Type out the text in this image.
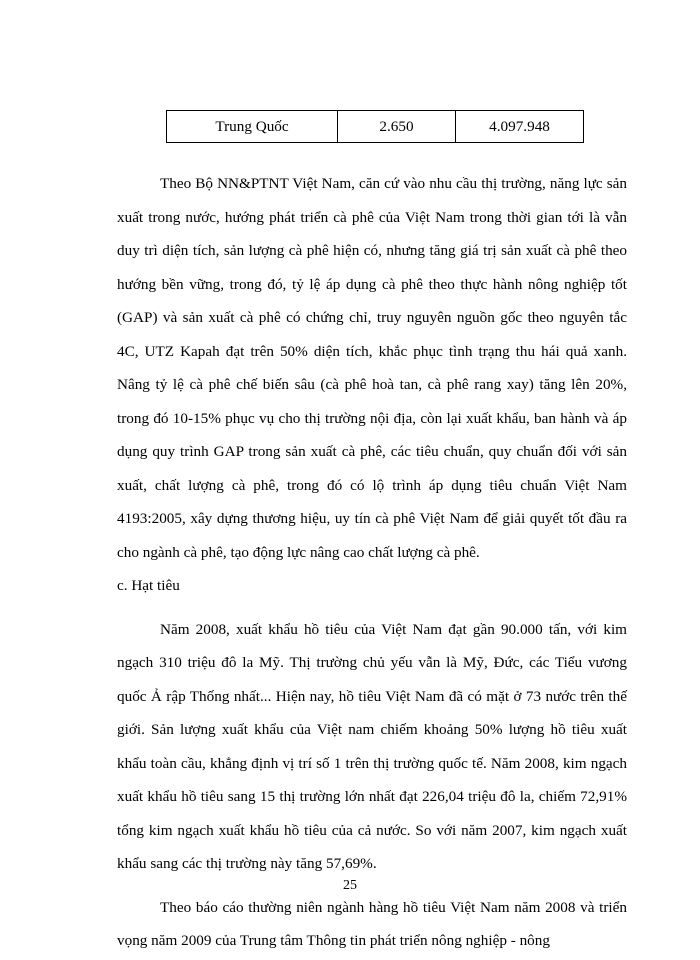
Trung Quốc	2.650	4.097.948

Theo Bộ NN&PTNT Việt Nam, căn cứ vào nhu cầu thị trường, năng lực sản xuất trong nước, hướng phát triển cà phê của Việt Nam trong thời gian tới là vẫn duy trì diện tích, sản lượng cà phê hiện có, nhưng tăng giá trị sản xuất cà phê theo hướng bền vững, trong đó, tỷ lệ áp dụng cà phê theo thực hành nông nghiệp tốt (GAP) và sản xuất cà phê có chứng chỉ, truy nguyên nguồn gốc theo nguyên tắc 4C, UTZ Kapah đạt trên 50% diện tích, khắc phục tình trạng thu hái quả xanh. Nâng tỷ lệ cà phê chế biến sâu (cà phê hoà tan, cà phê rang xay) tăng lên 20%, trong đó 10-15% phục vụ cho thị trường nội địa, còn lại xuất khẩu, ban hành và áp dụng quy trình GAP trong sản xuất cà phê, các tiêu chuẩn, quy chuẩn đối với sản xuất, chất lượng cà phê, trong đó có lộ trình áp dụng tiêu chuẩn Việt Nam 4193:2005, xây dựng thương hiệu, uy tín cà phê Việt Nam để giải quyết tốt đầu ra cho ngành cà phê, tạo động lực nâng cao chất lượng cà phê.

c. Hạt tiêu

Năm 2008, xuất khẩu hồ tiêu của Việt Nam đạt gần 90.000 tấn, với kim ngạch 310 triệu đô la Mỹ. Thị trường chủ yếu vẫn là Mỹ, Đức, các Tiểu vương quốc Ả rập Thống nhất... Hiện nay, hồ tiêu Việt Nam đã có mặt ở 73 nước trên thế giới. Sản lượng xuất khẩu của Việt nam chiếm khoảng 50% lượng hồ tiêu xuất khẩu toàn cầu, khẳng định vị trí số 1 trên thị trường quốc tế. Năm 2008, kim ngạch xuất khẩu hồ tiêu sang 15 thị trường lớn nhất đạt 226,04 triệu đô la, chiếm 72,91% tổng kim ngạch xuất khẩu hồ tiêu của cả nước. So với năm 2007, kim ngạch xuất khẩu sang các thị trường này tăng 57,69%.

Theo báo cáo thường niên ngành hàng hồ tiêu Việt Nam năm 2008 và triển vọng năm 2009 của Trung tâm Thông tin phát triển nông nghiệp - nông

25
